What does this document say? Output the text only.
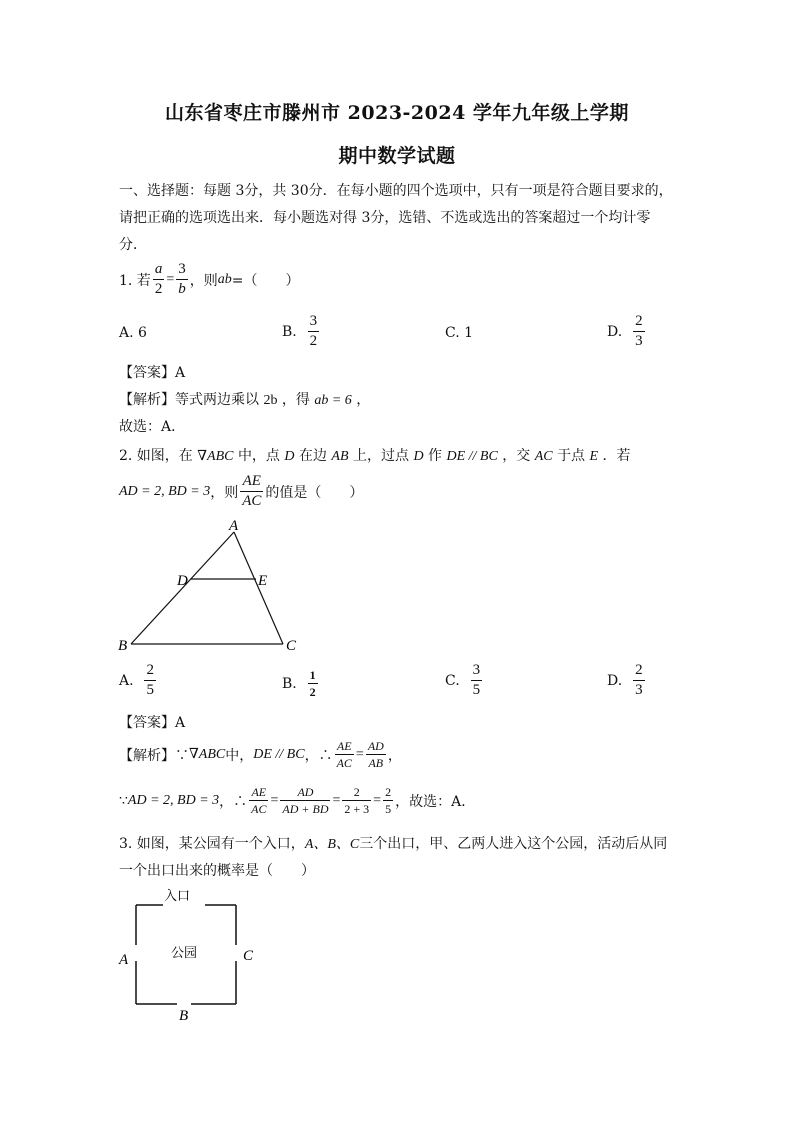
山东省枣庄市滕州市 2023-2024 学年九年级上学期
期中数学试题
一、选择题：每题 3分，共 30分．在每小题的四个选项中，只有一项是符合题目要求的，
请把正确的选项选出来．每小题选对得 3分，选错、不选或选出的答案超过一个均计零
分．
1. 若 $\frac{a}{2} = \frac{3}{b}$ ，则 ab =（　　）
A. 6	B.
$\frac{3}{2}$	C. 1	D.
$\frac{2}{3}$
【答案】A
【解析】等式两边乘以 2b ，得 ab = 6 ，
故选：A．
2. 如图，在 ∇ABC 中，点 D 在边 AB 上，过点 D 作 DE // BC ，交 AC 于点 E ．若
AD = 2, BD = 3 ，则 $\frac{AE}{AC}$ 的值是（　　）
A
D	E
B	C
A.
$\frac{2}{5}$	B.
$\frac{1}{2}$	C.
$\frac{3}{5}$	D.
$\frac{2}{3}$
【答案】A
【解析】∵ ∇ABC 中， DE // BC ，∴ $\frac{AE}{AC} = \frac{AD}{AB}$ ，
∵ AD = 2, BD = 3 ，∴ $\frac{AE}{AC} = \frac{AD}{AD + BD} = \frac{2}{2 + 3} = \frac{2}{5}$ ，故选：A．
3. 如图，某公园有一个入口，A、B、C三个出口，甲、乙两人进入这个公园，活动后从同
一个出口出来的概率是（　　）
入口
公园
A	C
B
